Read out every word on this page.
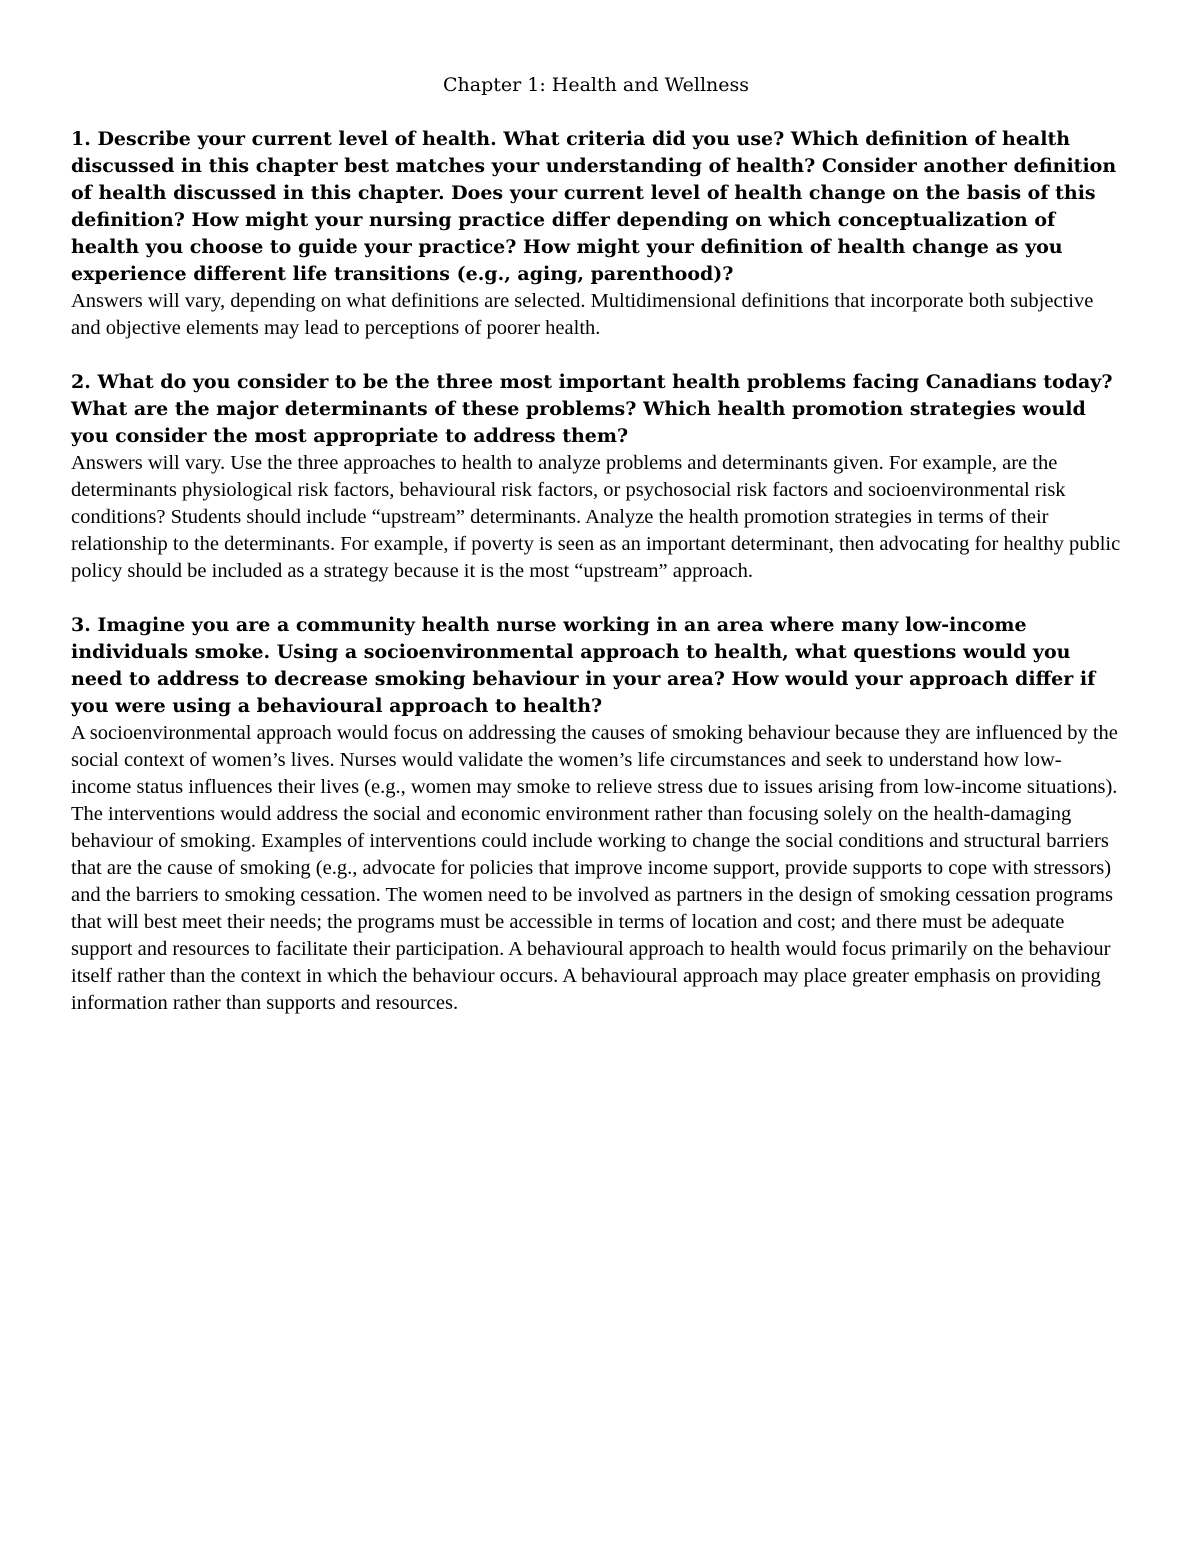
Chapter 1: Health and Wellness

1. Describe your current level of health. What criteria did you use? Which definition of health discussed in this chapter best matches your understanding of health? Consider another definition of health discussed in this chapter. Does your current level of health change on the basis of this definition? How might your nursing practice differ depending on which conceptualization of health you choose to guide your practice? How might your definition of health change as you experience different life transitions (e.g., aging, parenthood)?

Answers will vary, depending on what definitions are selected. Multidimensional definitions that incorporate both subjective and objective elements may lead to perceptions of poorer health.

2. What do you consider to be the three most important health problems facing Canadians today? What are the major determinants of these problems? Which health promotion strategies would you consider the most appropriate to address them?

Answers will vary. Use the three approaches to health to analyze problems and determinants given. For example, are the determinants physiological risk factors, behavioural risk factors, or psychosocial risk factors and socioenvironmental risk conditions? Students should include “upstream” determinants. Analyze the health promotion strategies in terms of their relationship to the determinants. For example, if poverty is seen as an important determinant, then advocating for healthy public policy should be included as a strategy because it is the most “upstream” approach.

3. Imagine you are a community health nurse working in an area where many low-income individuals smoke. Using a socioenvironmental approach to health, what questions would you need to address to decrease smoking behaviour in your area? How would your approach differ if you were using a behavioural approach to health?

A socioenvironmental approach would focus on addressing the causes of smoking behaviour because they are influenced by the social context of women’s lives. Nurses would validate the women’s life circumstances and seek to understand how low-income status influences their lives (e.g., women may smoke to relieve stress due to issues arising from low-income situations). The interventions would address the social and economic environment rather than focusing solely on the health-damaging behaviour of smoking. Examples of interventions could include working to change the social conditions and structural barriers that are the cause of smoking (e.g., advocate for policies that improve income support, provide supports to cope with stressors) and the barriers to smoking cessation. The women need to be involved as partners in the design of smoking cessation programs that will best meet their needs; the programs must be accessible in terms of location and cost; and there must be adequate support and resources to facilitate their participation. A behavioural approach to health would focus primarily on the behaviour itself rather than the context in which the behaviour occurs. A behavioural approach may place greater emphasis on providing information rather than supports and resources.
